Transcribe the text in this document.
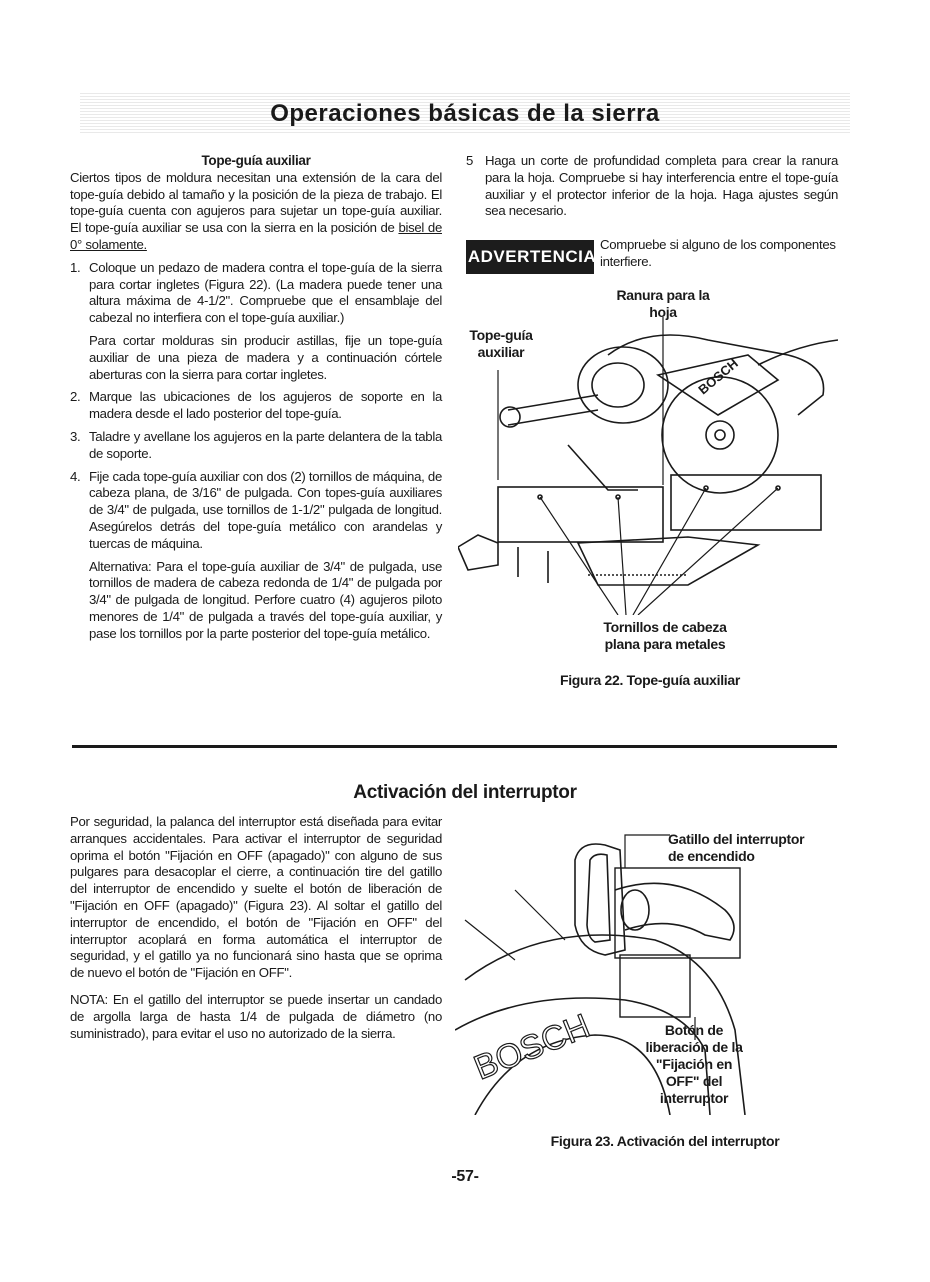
Operaciones básicas de la sierra
Tope-guía auxiliar

Ciertos tipos de moldura necesitan una extensión de la cara del tope-guía debido al tamaño y la posición de la pieza de trabajo. El tope-guía cuenta con agujeros para sujetar un tope-guía auxiliar. El tope-guía auxiliar se usa con la sierra en la posición de bisel de 0° solamente.

1. Coloque un pedazo de madera contra el tope-guía de la sierra para cortar ingletes (Figura 22). (La madera puede tener una altura máxima de 4-1/2". Compruebe que el ensamblaje del cabezal no interfiera con el tope-guía auxiliar.)

Para cortar molduras sin producir astillas, fije un tope-guía auxiliar de una pieza de madera y a continuación córtele aberturas con la sierra para cortar ingletes.

2. Marque las ubicaciones de los agujeros de soporte en la madera desde el lado posterior del tope-guía.
3. Taladre y avellane los agujeros en la parte delantera de la tabla de soporte.
4. Fije cada tope-guía auxiliar con dos (2) tornillos de máquina, de cabeza plana, de 3/16" de pulgada. Con topes-guía auxiliares de 3/4" de pulgada, use tornillos de 1-1/2" pulgada de longitud. Asegúrelos detrás del tope-guía metálico con arandelas y tuercas de máquina.

Alternativa: Para el tope-guía auxiliar de 3/4" de pulgada, use tornillos de madera de cabeza redonda de 1/4" de pulgada por 3/4" de pulgada de longitud. Perfore cuatro (4) agujeros piloto menores de 1/4" de pulgada a través del tope-guía auxiliar, y pase los tornillos por la parte posterior del tope-guía metálico.

5 Haga un corte de profundidad completa para crear la ranura para la hoja. Compruebe si hay interferencia entre el tope-guía auxiliar y el protector inferior de la hoja. Haga ajustes según sea necesario.
ADVERTENCIA
Compruebe si alguno de los componentes interfiere.
BOSCH
Ranura para la hoja
Tope-guía auxiliar
Tornillos de cabeza plana para metales
Figura 22. Tope-guía auxiliar
Activación del interruptor

Por seguridad, la palanca del interruptor está diseñada para evitar arranques accidentales. Para activar el interruptor de seguridad oprima el botón "Fijación en OFF (apagado)" con alguno de sus pulgares para desacoplar el cierre, a continuación tire del gatillo del interruptor de encendido y suelte el botón de liberación de "Fijación en OFF (apagado)" (Figura 23). Al soltar el gatillo del interruptor de encendido, el botón de "Fijación en OFF" del interruptor acoplará en forma automática el interruptor de seguridad, y el gatillo ya no funcionará sino hasta que se oprima de nuevo el botón de "Fijación en OFF".

NOTA: En el gatillo del interruptor se puede insertar un candado de argolla larga de hasta 1/4 de pulgada de diámetro (no suministrado), para evitar el uso no autorizado de la sierra.	BOSCH
Gatillo del interruptor de encendido
Botón de liberación de la "Fijación en OFF" del interruptor
Figura 23. Activación del interruptor
-57-
